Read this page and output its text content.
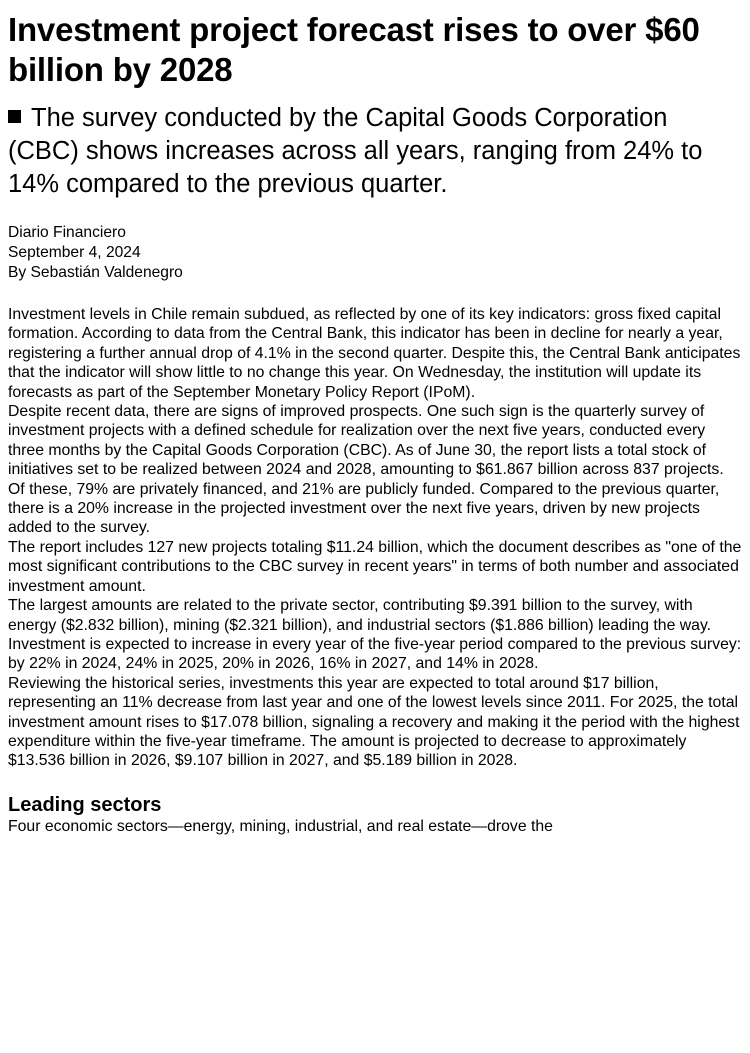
Investment project forecast rises to over $60 billion by 2028
The survey conducted by the Capital Goods Corporation (CBC) shows increases across all years, ranging from 24% to 14% compared to the previous quarter.
Diario Financiero
September 4, 2024
By Sebastián Valdenegro

Investment levels in Chile remain subdued, as reflected by one of its key indicators: gross fixed capital formation. According to data from the Central Bank, this indicator has been in decline for nearly a year, registering a further annual drop of 4.1% in the second quarter. Despite this, the Central Bank anticipates that the indicator will show little to no change this year. On Wednesday, the institution will update its forecasts as part of the September Monetary Policy Report (IPoM).

Despite recent data, there are signs of improved prospects. One such sign is the quarterly survey of investment projects with a defined schedule for realization over the next five years, conducted every three months by the Capital Goods Corporation (CBC). As of June 30, the report lists a total stock of initiatives set to be realized between 2024 and 2028, amounting to $61.867 billion across 837 projects. Of these, 79% are privately financed, and 21% are publicly funded. Compared to the previous quarter, there is a 20% increase in the projected investment over the next five years, driven by new projects added to the survey.

The report includes 127 new projects totaling $11.24 billion, which the document describes as "one of the most significant contributions to the CBC survey in recent years" in terms of both number and associated investment amount.

The largest amounts are related to the private sector, contributing $9.391 billion to the survey, with energy ($2.832 billion), mining ($2.321 billion), and industrial sectors ($1.886 billion) leading the way.

Investment is expected to increase in every year of the five-year period compared to the previous survey: by 22% in 2024, 24% in 2025, 20% in 2026, 16% in 2027, and 14% in 2028.

Reviewing the historical series, investments this year are expected to total around $17 billion, representing an 11% decrease from last year and one of the lowest levels since 2011. For 2025, the total investment amount rises to $17.078 billion, signaling a recovery and making it the period with the highest expenditure within the five-year timeframe. The amount is projected to decrease to approximately $13.536 billion in 2026, $9.107 billion in 2027, and $5.189 billion in 2028.

Leading sectors

Four economic sectors—energy, mining, industrial, and real estate—drove the
